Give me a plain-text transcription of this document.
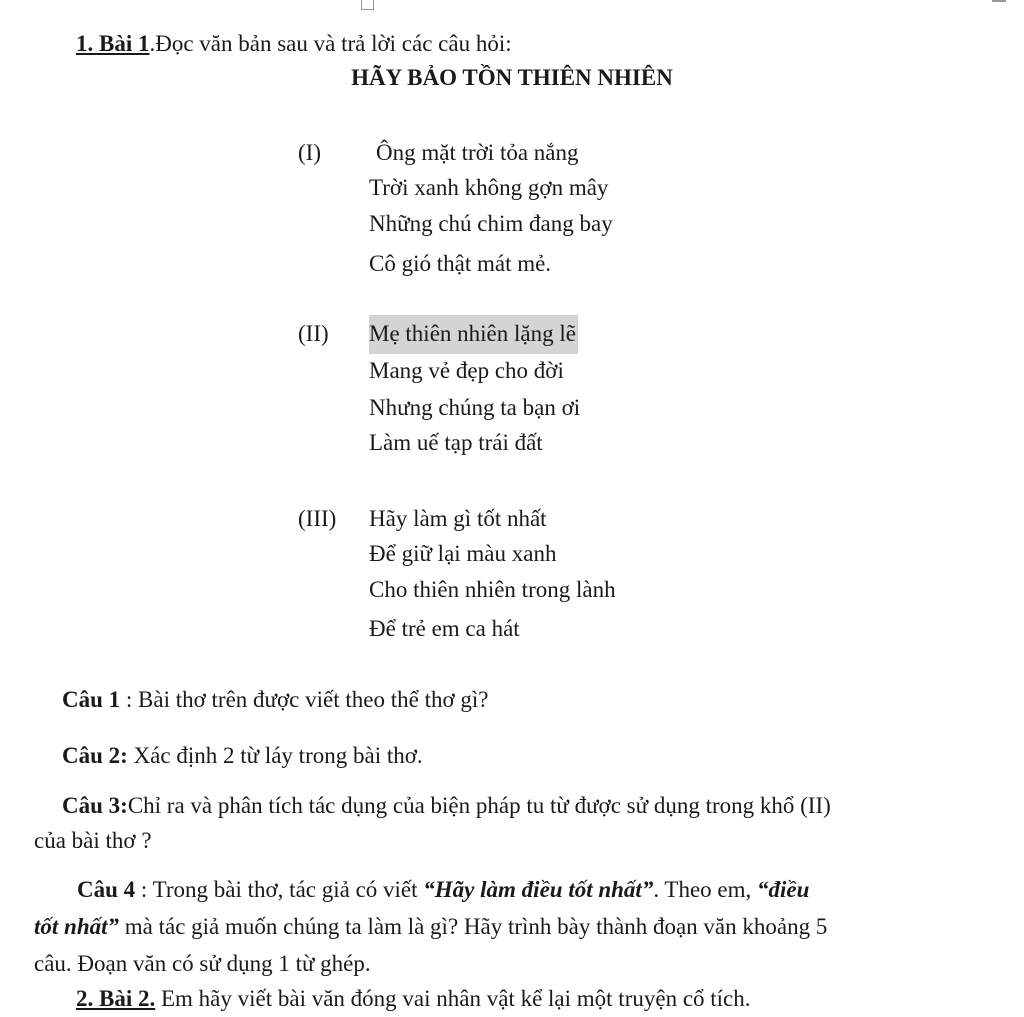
1. Bài 1.Đọc văn bản sau và trả lời các câu hỏi:
HÃY BẢO TỒN THIÊN NHIÊN
(I) Ông mặt trời tỏa nắng
Trời xanh không gợn mây
Những chú chim đang bay
Cô gió thật mát mẻ.
(II) Mẹ thiên nhiên lặng lẽ
Mang vẻ đẹp cho đời
Nhưng chúng ta bạn ơi
Làm uế tạp trái đất
(III) Hãy làm gì tốt nhất
Để giữ lại màu xanh
Cho thiên nhiên trong lành
Để trẻ em ca hát
Câu 1 : Bài thơ trên được viết theo thể thơ gì?
Câu 2: Xác định 2 từ láy trong bài thơ.
Câu 3:Chỉ ra và phân tích tác dụng của biện pháp tu từ được sử dụng trong khổ (II)
của bài thơ ?
Câu 4 : Trong bài thơ, tác giả có viết “Hãy làm điều tốt nhất”. Theo em, “điều
tốt nhất” mà tác giả muốn chúng ta làm là gì? Hãy trình bày thành đoạn văn khoảng 5
câu. Đoạn văn có sử dụng 1 từ ghép.
2. Bài 2. Em hãy viết bài văn đóng vai nhân vật kể lại một truyện cổ tích.
